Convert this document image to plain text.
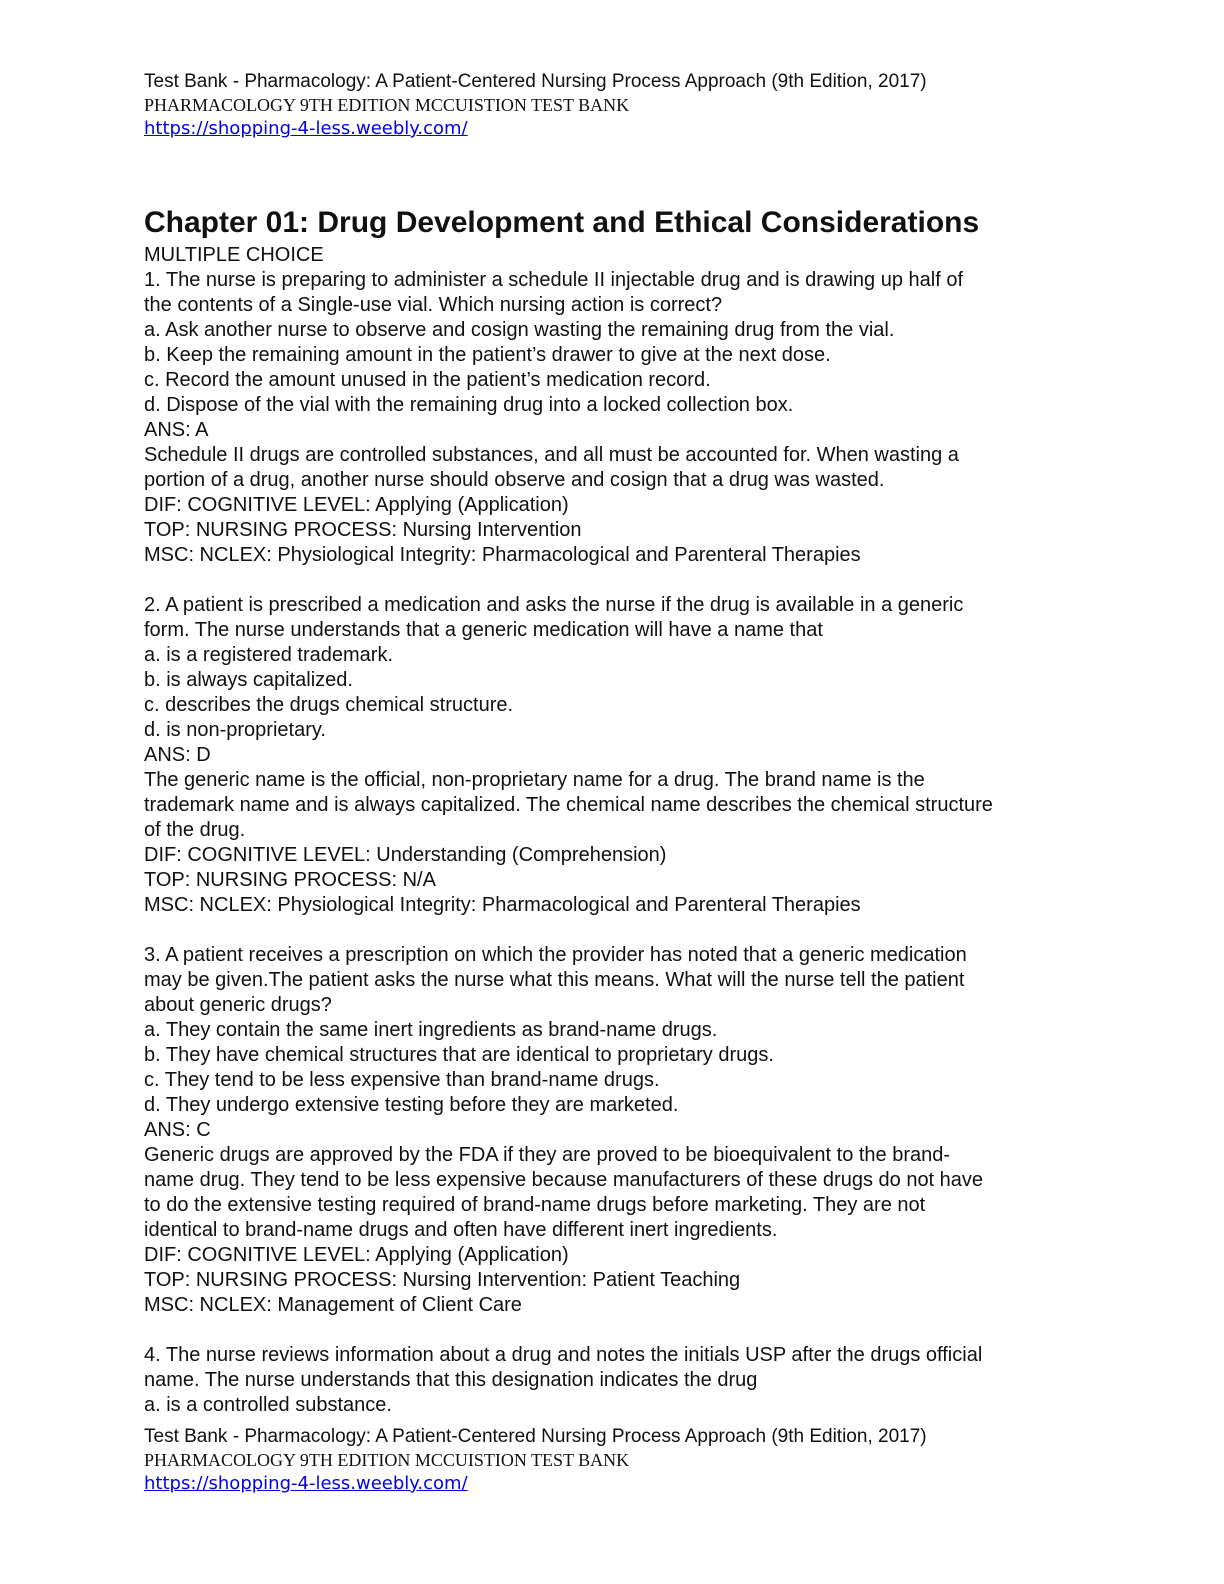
Test Bank - Pharmacology: A Patient-Centered Nursing Process Approach (9th Edition, 2017)
PHARMACOLOGY 9TH EDITION MCCUISTION TEST BANK
https://shopping-4-less.weebly.com/
Chapter 01: Drug Development and Ethical Considerations
MULTIPLE CHOICE
1. The nurse is preparing to administer a schedule II injectable drug and is drawing up half of
the contents of a Single-use vial. Which nursing action is correct?
a. Ask another nurse to observe and cosign wasting the remaining drug from the vial.
b. Keep the remaining amount in the patient’s drawer to give at the next dose.
c. Record the amount unused in the patient’s medication record.
d. Dispose of the vial with the remaining drug into a locked collection box.
ANS: A
Schedule II drugs are controlled substances, and all must be accounted for. When wasting a
portion of a drug, another nurse should observe and cosign that a drug was wasted.
DIF: COGNITIVE LEVEL: Applying (Application)
TOP: NURSING PROCESS: Nursing Intervention
MSC: NCLEX: Physiological Integrity: Pharmacological and Parenteral Therapies
2. A patient is prescribed a medication and asks the nurse if the drug is available in a generic
form. The nurse understands that a generic medication will have a name that
a. is a registered trademark.
b. is always capitalized.
c. describes the drugs chemical structure.
d. is non-proprietary.
ANS: D
The generic name is the official, non-proprietary name for a drug. The brand name is the
trademark name and is always capitalized. The chemical name describes the chemical structure
of the drug.
DIF: COGNITIVE LEVEL: Understanding (Comprehension)
TOP: NURSING PROCESS: N/A
MSC: NCLEX: Physiological Integrity: Pharmacological and Parenteral Therapies
3. A patient receives a prescription on which the provider has noted that a generic medication
may be given.The patient asks the nurse what this means. What will the nurse tell the patient
about generic drugs?
a. They contain the same inert ingredients as brand-name drugs.
b. They have chemical structures that are identical to proprietary drugs.
c. They tend to be less expensive than brand-name drugs.
d. They undergo extensive testing before they are marketed.
ANS: C
Generic drugs are approved by the FDA if they are proved to be bioequivalent to the brand-
name drug. They tend to be less expensive because manufacturers of these drugs do not have
to do the extensive testing required of brand-name drugs before marketing. They are not
identical to brand-name drugs and often have different inert ingredients.
DIF: COGNITIVE LEVEL: Applying (Application)
TOP: NURSING PROCESS: Nursing Intervention: Patient Teaching
MSC: NCLEX: Management of Client Care
4. The nurse reviews information about a drug and notes the initials USP after the drugs official
name. The nurse understands that this designation indicates the drug
a. is a controlled substance.
Test Bank - Pharmacology: A Patient-Centered Nursing Process Approach (9th Edition, 2017)
PHARMACOLOGY 9TH EDITION MCCUISTION TEST BANK
https://shopping-4-less.weebly.com/
